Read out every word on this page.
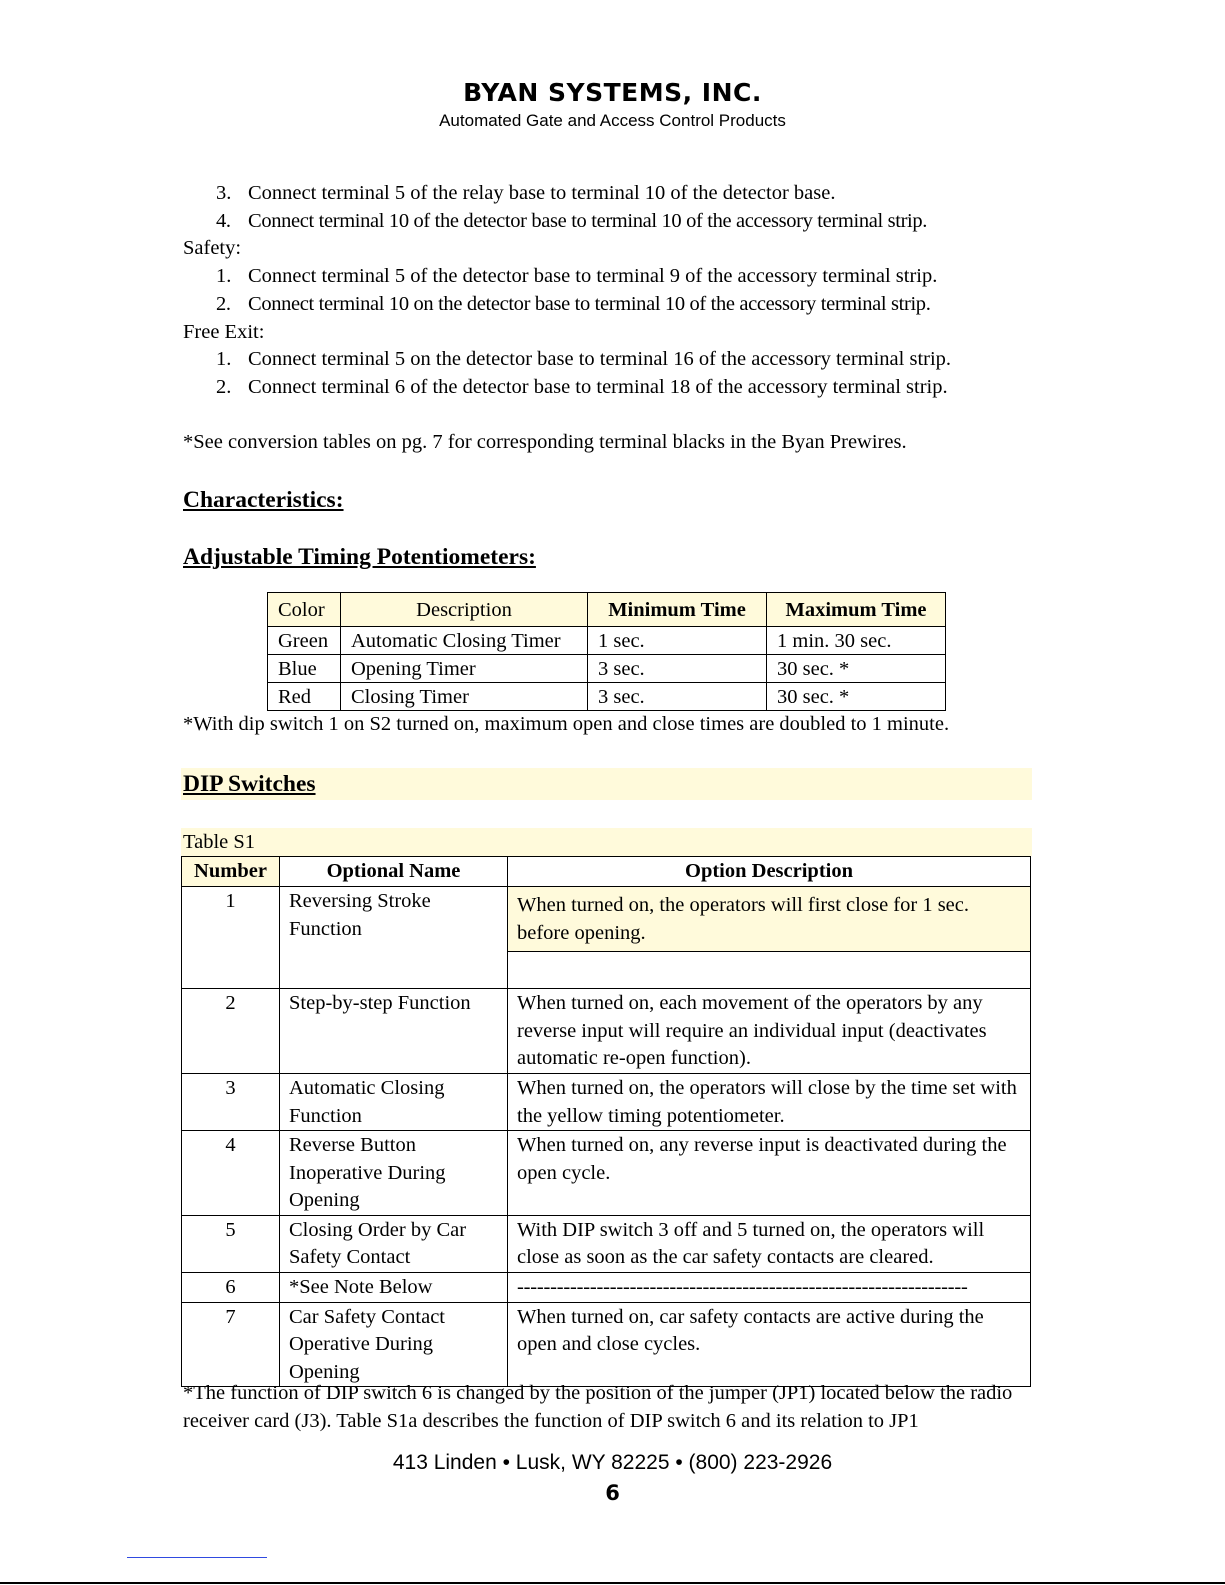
BYAN SYSTEMS, INC.
Automated Gate and Access Control Products
3. Connect terminal 5 of the relay base to terminal 10 of the detector base.
4. Connect terminal 10 of the detector base to terminal 10 of the accessory terminal strip.
Safety:
1. Connect terminal 5 of the detector base to terminal 9 of the accessory terminal strip.
2. Connect terminal 10 on the detector base to terminal 10 of the accessory terminal strip.
Free Exit:
1. Connect terminal 5 on the detector base to terminal 16 of the accessory terminal strip.
2. Connect terminal 6 of the detector base to terminal 18 of the accessory terminal strip.
*See conversion tables on pg. 7 for corresponding terminal blacks in the Byan Prewires.
Characteristics:
Adjustable Timing Potentiometers:
Color	Description	Minimum Time	Maximum Time
Green	Automatic Closing Timer	1 sec.	1 min. 30 sec.
Blue	Opening Timer	3 sec.	30 sec. *
Red	Closing Timer	3 sec.	30 sec. *
*With dip switch 1 on S2 turned on, maximum open and close times are doubled to 1 minute.
DIP Switches
Table S1
Number	Optional Name	Option Description
1	Reversing Stroke Function	When turned on, the operators will first close for 1 sec. before opening.

2	Step-by-step Function	When turned on, each movement of the operators by any reverse input will require an individual input (deactivates automatic re-open function).
3	Automatic Closing Function	When turned on, the operators will close by the time set with the yellow timing potentiometer.
4	Reverse Button Inoperative During Opening	When turned on, any reverse input is deactivated during the open cycle.
5	Closing Order by Car Safety Contact	With DIP switch 3 off and 5 turned on, the operators will close as soon as the car safety contacts are cleared.
6	*See Note Below	--------------------------------------------------------------------
7	Car Safety Contact Operative During Opening	When turned on, car safety contacts are active during the open and close cycles.
*The function of DIP switch 6 is changed by the position of the jumper (JP1) located below the radio receiver card (J3). Table S1a describes the function of DIP switch 6 and its relation to JP1
413 Linden • Lusk, WY 82225 • (800) 223-2926
6
